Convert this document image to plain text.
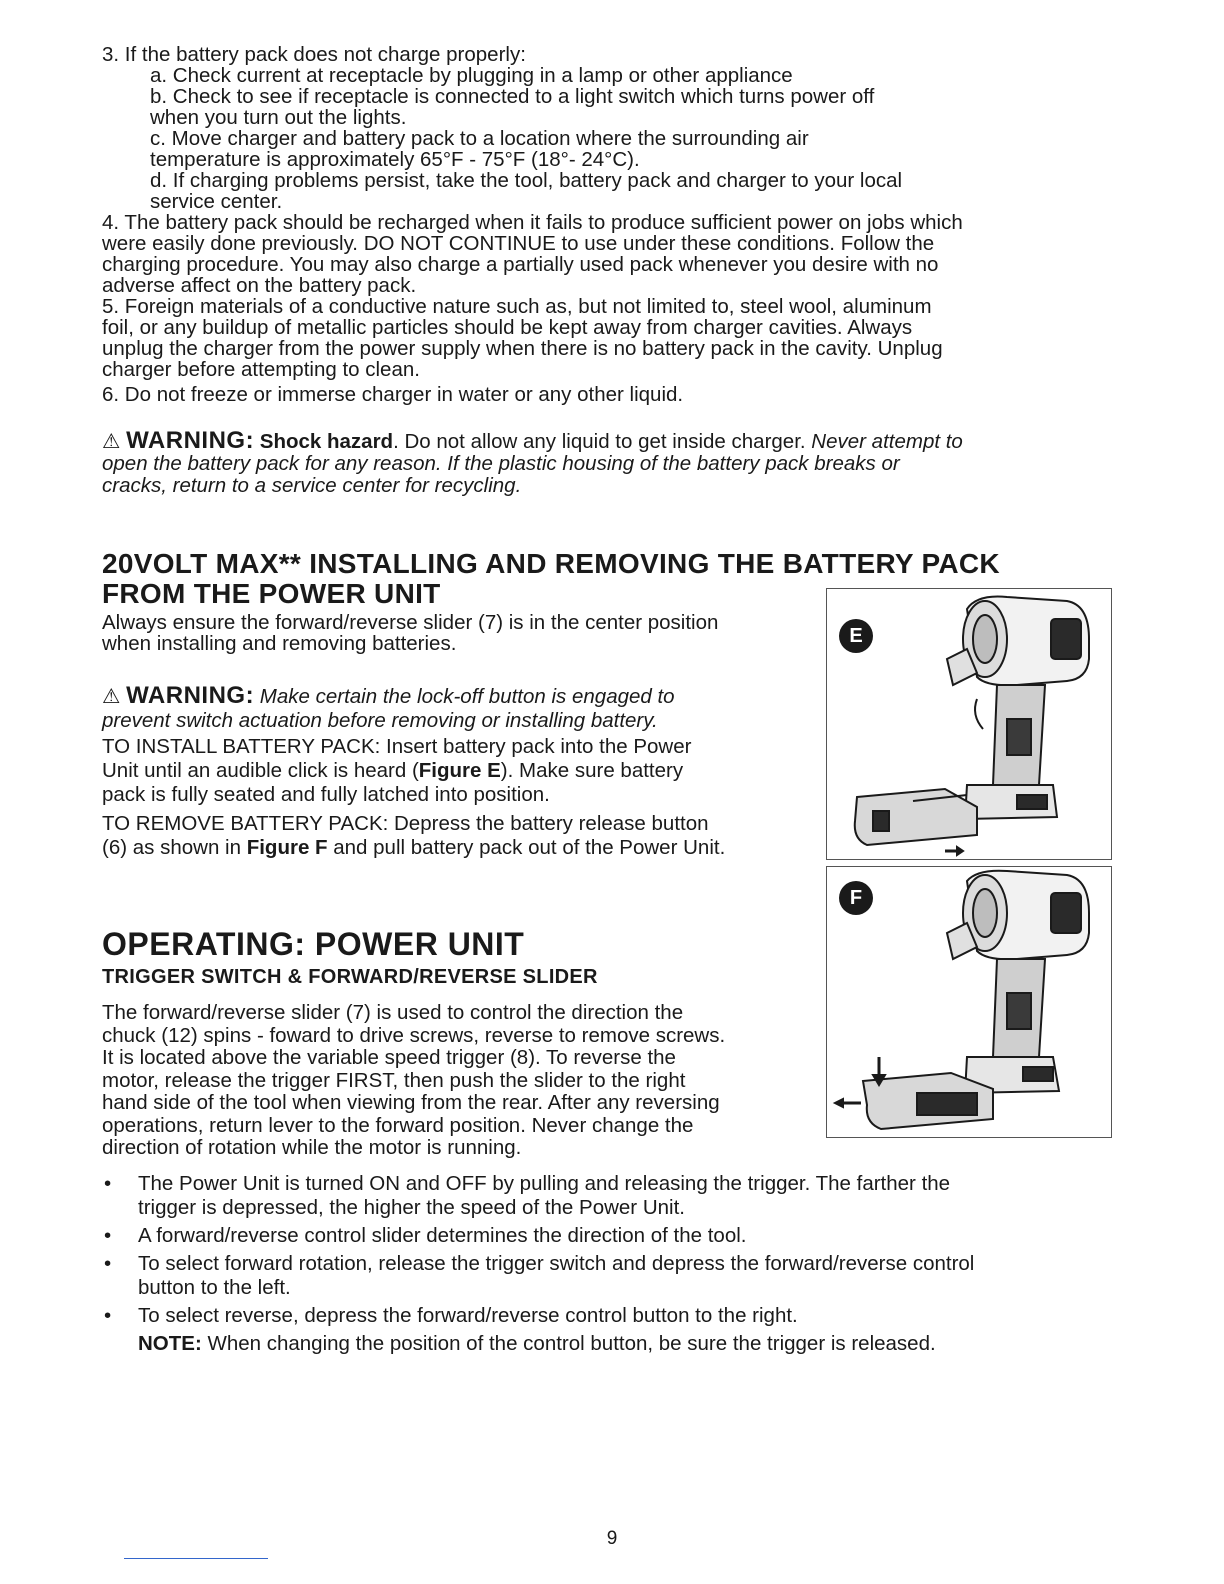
3. If the battery pack does not charge properly:
a. Check current at receptacle by plugging in a lamp or other appliance
b. Check to see if receptacle is connected to a light switch which turns power off
when you turn out the lights.
c. Move charger and battery pack to a location where the surrounding air
temperature is approximately 65°F - 75°F (18°- 24°C).
d. If charging problems persist, take the tool, battery pack and charger to your local
service center.
4. The battery pack should be recharged when it fails to produce sufficient power on jobs which
were easily done previously. DO NOT CONTINUE to use under these conditions. Follow the
charging procedure. You may also charge a partially used pack whenever you desire with no
adverse affect on the battery pack.
5. Foreign materials of a conductive nature such as, but not limited to, steel wool, aluminum
foil, or any buildup of metallic particles should be kept away from charger cavities. Always
unplug the charger from the power supply when there is no battery pack in the cavity. Unplug
charger before attempting to clean.
6. Do not freeze or immerse charger in water or any other liquid.
⚠ WARNING: Shock hazard. Do not allow any liquid to get inside charger. Never attempt to
open the battery pack for any reason. If the plastic housing of the battery pack breaks or
cracks, return to a service center for recycling.
20VOLT MAX** INSTALLING AND REMOVING THE BATTERY PACK
FROM THE POWER UNIT
Always ensure the forward/reverse slider (7) is in the center position
when installing and removing batteries.
⚠ WARNING: Make certain the lock-off button is engaged to
prevent switch actuation before removing or installing battery.
TO INSTALL BATTERY PACK: Insert battery pack into the Power
Unit until an audible click is heard (Figure E). Make sure battery
pack is fully seated and fully latched into position.
TO REMOVE BATTERY PACK: Depress the battery release button
(6) as shown in Figure F and pull battery pack out of the Power Unit.
E
F
OPERATING: POWER UNIT
TRIGGER SWITCH & FORWARD/REVERSE SLIDER
The forward/reverse slider (7) is used to control the direction the
chuck (12) spins - foward to drive screws, reverse to remove screws.
It is located above the variable speed trigger (8). To reverse the
motor, release the trigger FIRST, then push the slider to the right
hand side of the tool when viewing from the rear. After any reversing
operations, return lever to the forward position. Never change the
direction of rotation while the motor is running.
• The Power Unit is turned ON and OFF by pulling and releasing the trigger. The farther the
trigger is depressed, the higher the speed of the Power Unit.
• A forward/reverse control slider determines the direction of the tool.
• To select forward rotation, release the trigger switch and depress the forward/reverse control
button to the left.
• To select reverse, depress the forward/reverse control button to the right.
NOTE: When changing the position of the control button, be sure the trigger is released.
9
